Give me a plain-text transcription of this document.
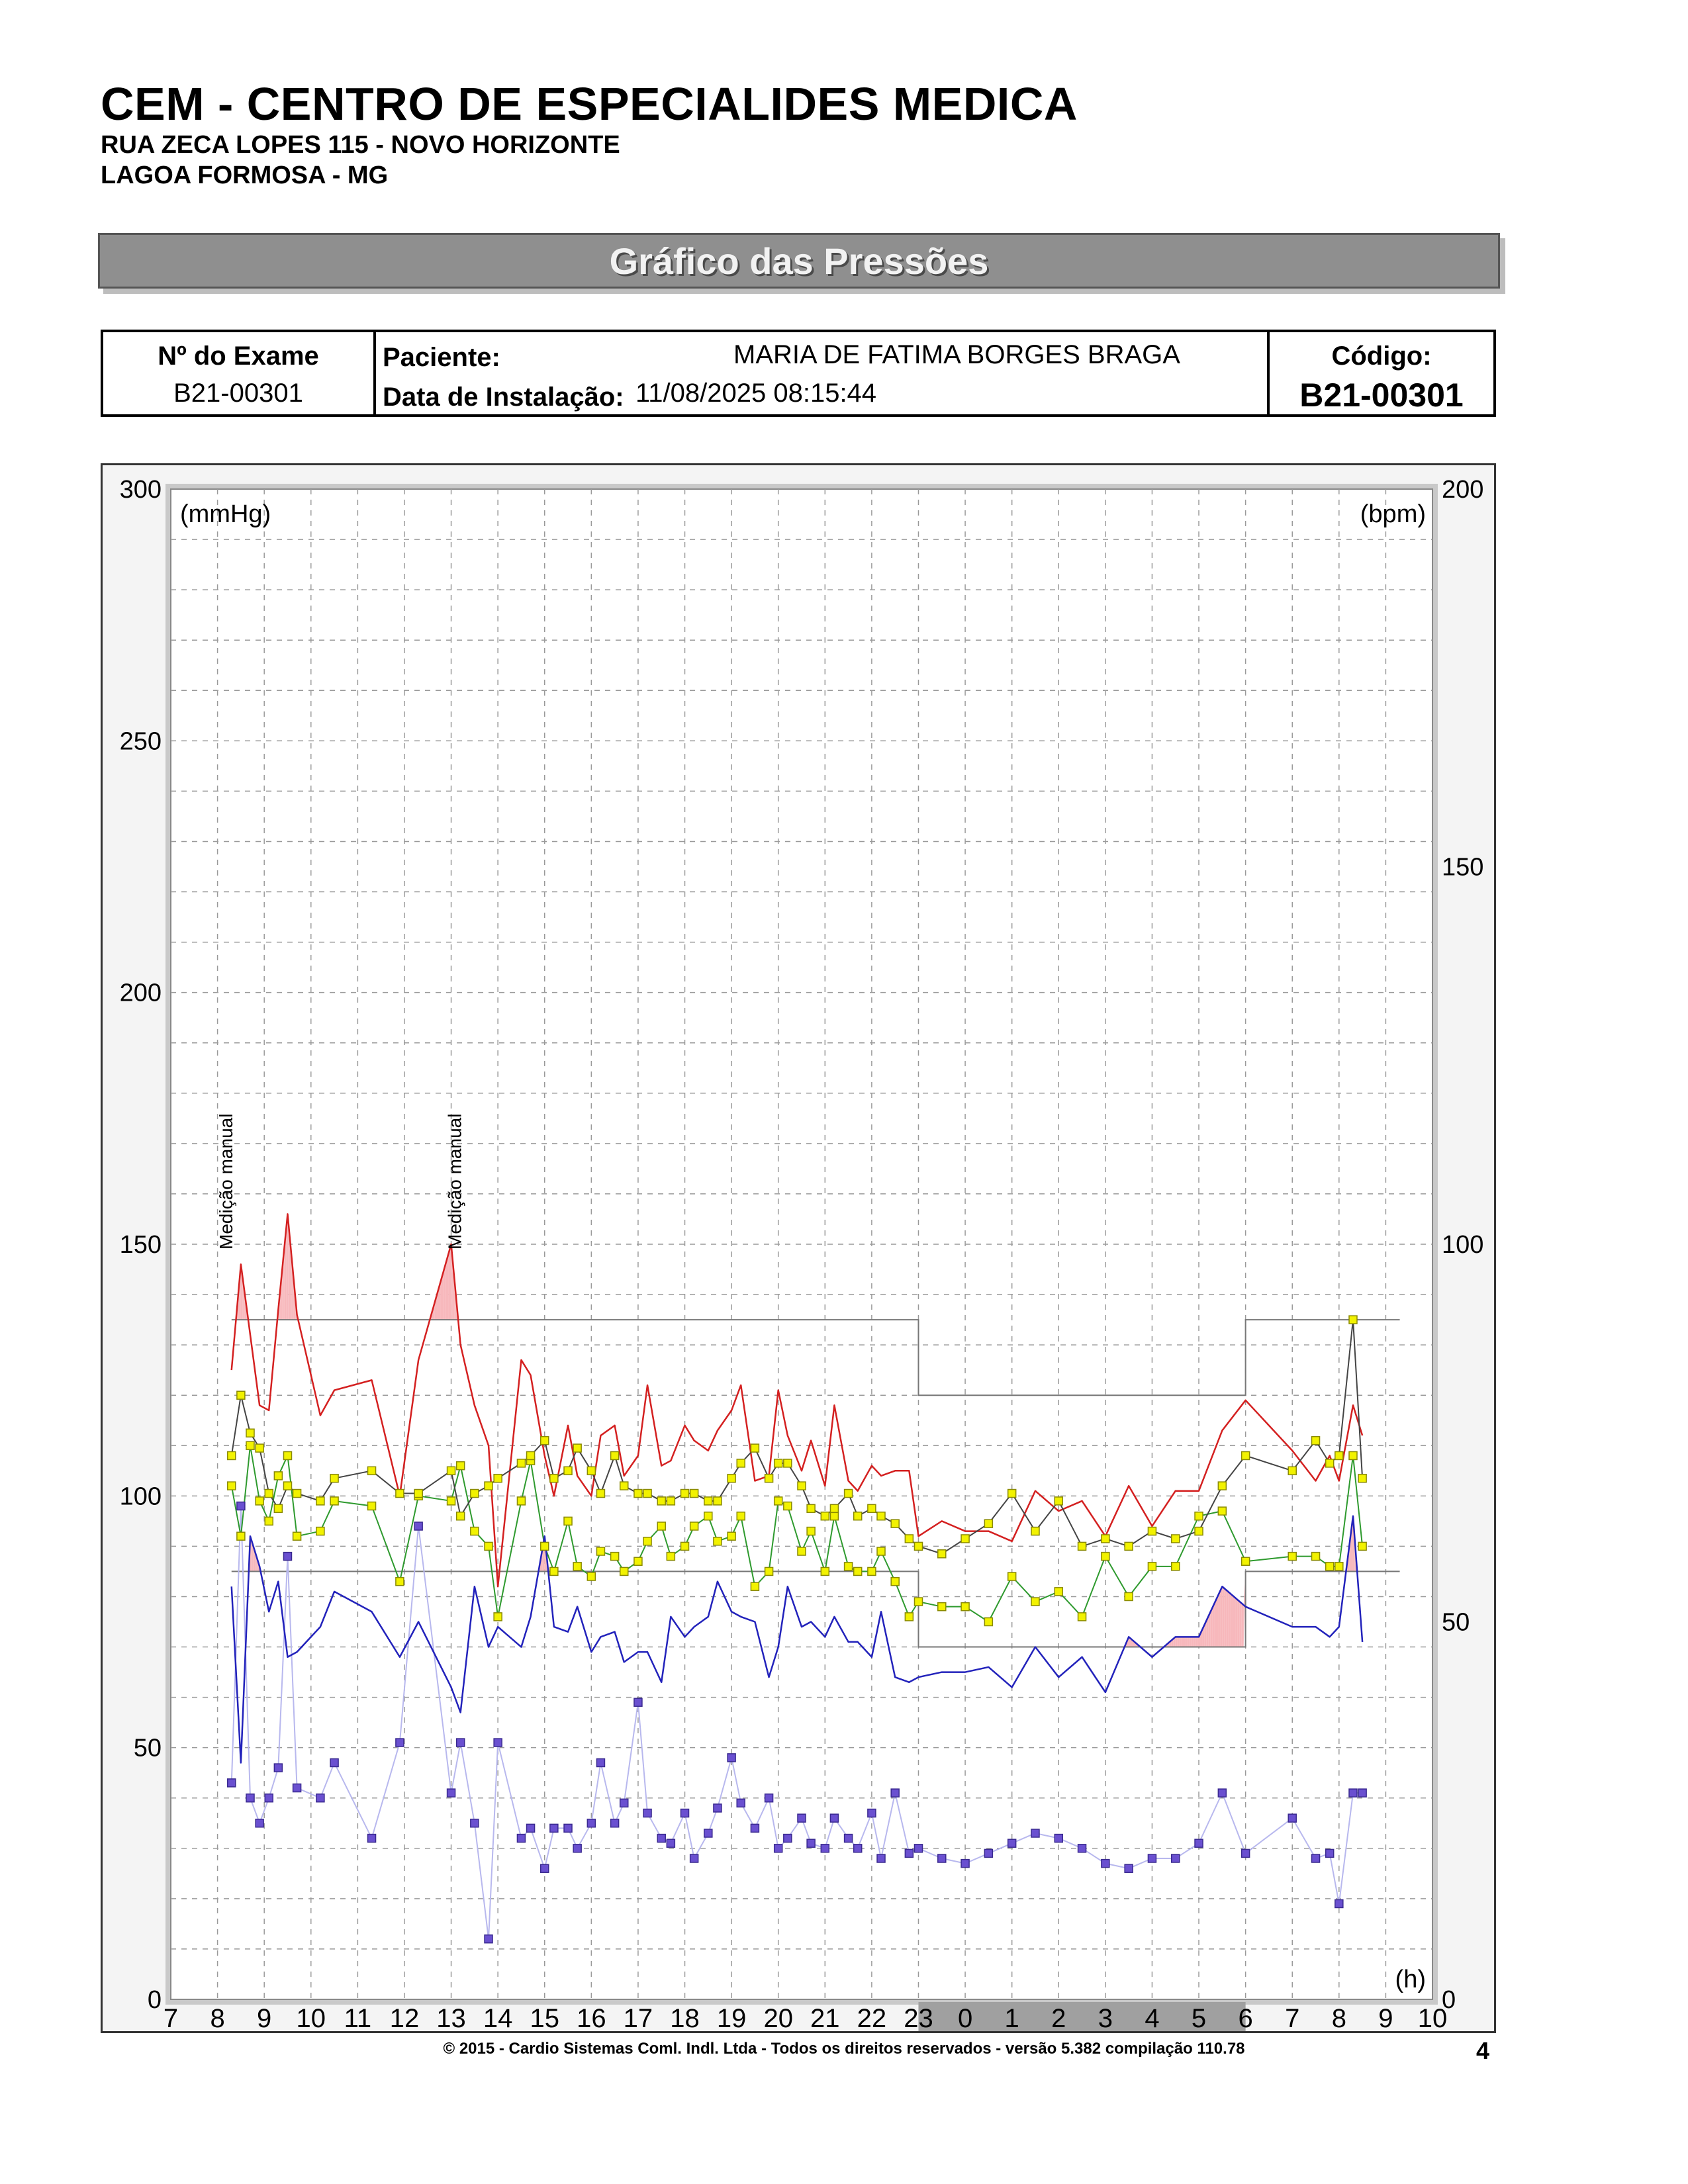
CEM - CENTRO DE ESPECIALIDES MEDICA
RUA ZECA LOPES 115 - NOVO HORIZONTE
LAGOA FORMOSA - MG
Gráfico das Pressões
Nº do Exame
B21-00301
Paciente:	MARIA DE FATIMA BORGES BRAGA
Data de Instalação: 11/08/2025 08:15:44
Código:
B21-00301
0
50
100
150
200
250
300
0
50
100
150
200
7 8 9 10 11 12 13 14 15 16 17 18 19 20 21 22 23 0 1 2 3 4 5 6 7 8 9 10
(mmHg)	(bpm)
(h)
Medição manual	Medição manual
© 2015 - Cardio Sistemas Coml. Indl. Ltda - Todos os direitos reservados - versão 5.382 compilação 110.78	4
